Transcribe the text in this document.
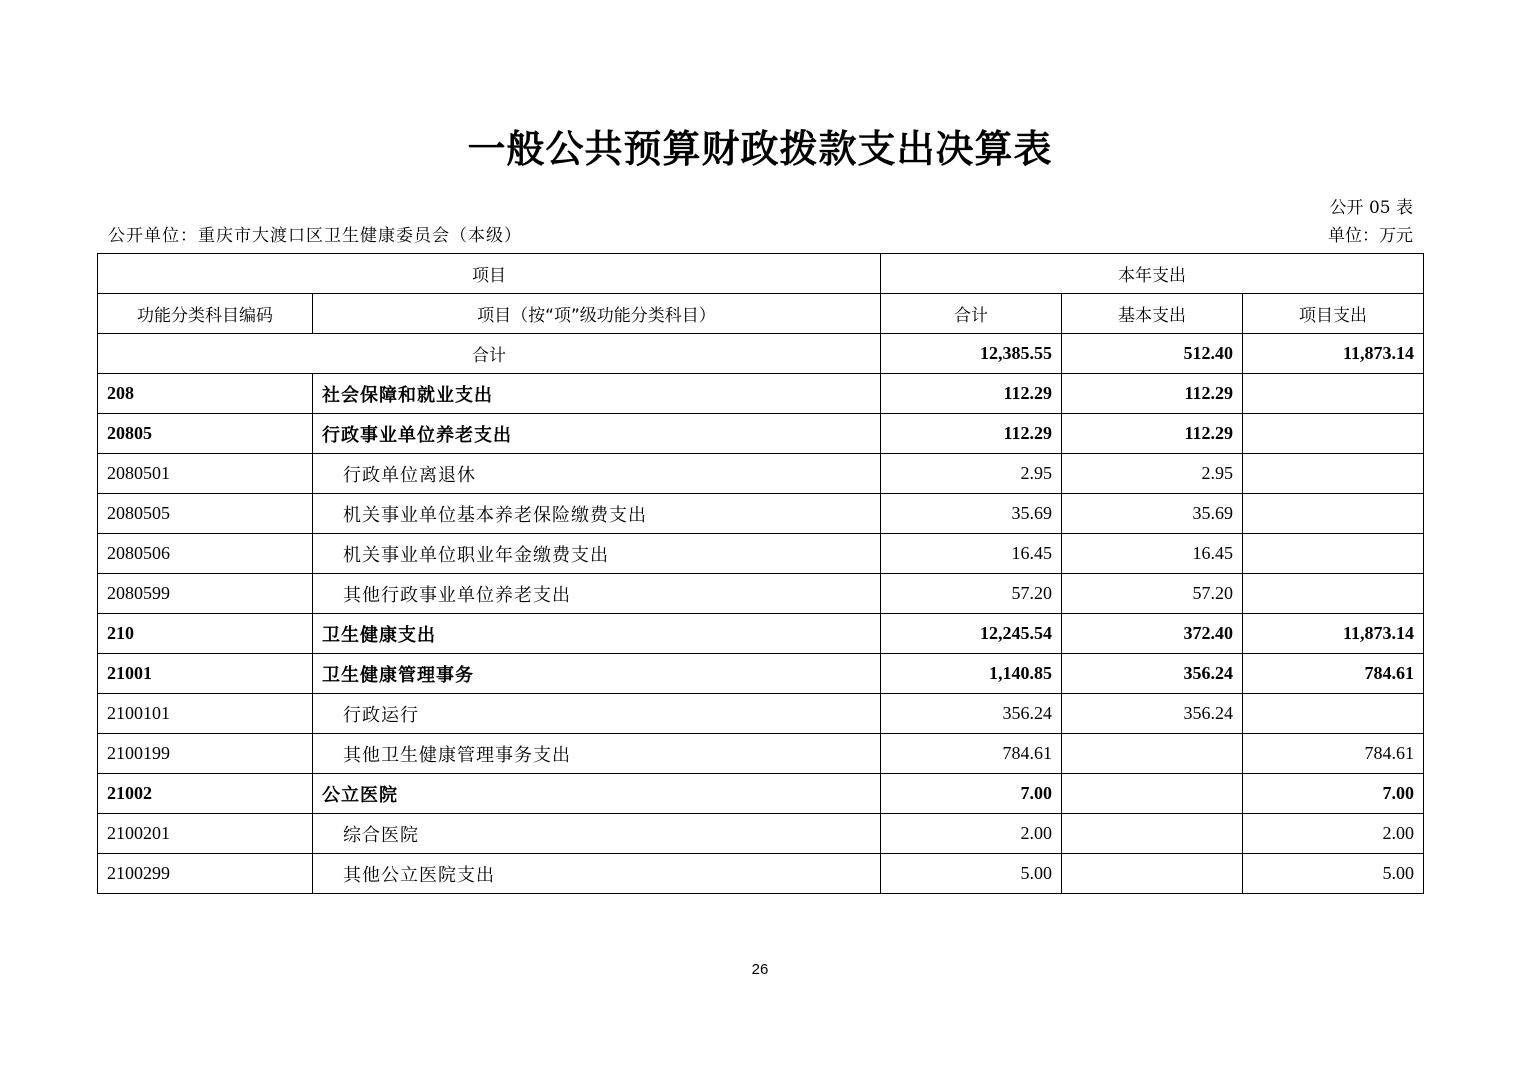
一般公共预算财政拨款支出决算表
公开 05 表
公开单位：重庆市大渡口区卫生健康委员会（本级）	单位：万元
项目		本年支出		
功能分类科目编码	项目（按“项”级功能分类科目）	合计	基本支出	项目支出
合计		12,385.55	512.40	11,873.14
208	社会保障和就业支出	112.29	112.29	
20805	行政事业单位养老支出	112.29	112.29	
2080501	行政单位离退休	2.95	2.95	
2080505	机关事业单位基本养老保险缴费支出	35.69	35.69	
2080506	机关事业单位职业年金缴费支出	16.45	16.45	
2080599	其他行政事业单位养老支出	57.20	57.20	
210	卫生健康支出	12,245.54	372.40	11,873.14
21001	卫生健康管理事务	1,140.85	356.24	784.61
2100101	行政运行	356.24	356.24	
2100199	其他卫生健康管理事务支出	784.61		784.61
21002	公立医院	7.00		7.00
2100201	综合医院	2.00		2.00
2100299	其他公立医院支出	5.00		5.00
26
